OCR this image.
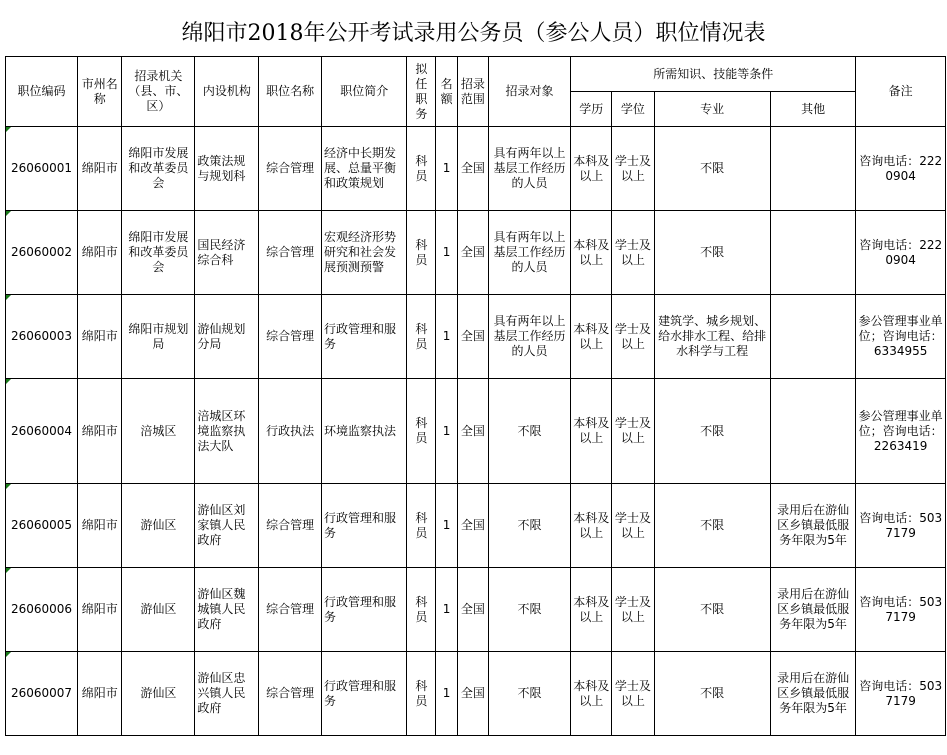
绵阳市2018年公开考试录用公务员（参公人员）职位情况表
职位编码	市州名称	招录机关（县、市、区）	内设机构	职位名称	职位简介	拟任职务	名额	招录范围	招录对象	所需知识、技能等条件				备注
										学历	学位	专业	其他	

26060001	绵阳市	绵阳市发展和改革委员会	政策法规与规划科	综合管理	经济中长期发展、总量平衡和政策规划	科员	1	全国	具有两年以上基层工作经历的人员	本科及以上	学士及以上	不限		咨询电话：2220904

26060002	绵阳市	绵阳市发展和改革委员会	国民经济综合科	综合管理	宏观经济形势研究和社会发展预测预警	科员	1	全国	具有两年以上基层工作经历的人员	本科及以上	学士及以上	不限		咨询电话：2220904

26060003	绵阳市	绵阳市规划局	游仙规划分局	综合管理	行政管理和服务	科员	1	全国	具有两年以上基层工作经历的人员	本科及以上	学士及以上	建筑学、城乡规划、给水排水工程、给排水科学与工程		参公管理事业单位；咨询电话：6334955

26060004	绵阳市	涪城区	涪城区环境监察执法大队	行政执法	环境监察执法	科员	1	全国	不限	本科及以上	学士及以上	不限		参公管理事业单位；咨询电话：2263419

26060005	绵阳市	游仙区	游仙区刘家镇人民政府	综合管理	行政管理和服务	科员	1	全国	不限	本科及以上	学士及以上	不限	录用后在游仙区乡镇最低服务年限为5年	咨询电话：5037179

26060006	绵阳市	游仙区	游仙区魏城镇人民政府	综合管理	行政管理和服务	科员	1	全国	不限	本科及以上	学士及以上	不限	录用后在游仙区乡镇最低服务年限为5年	咨询电话：5037179

26060007	绵阳市	游仙区	游仙区忠兴镇人民政府	综合管理	行政管理和服务	科员	1	全国	不限	本科及以上	学士及以上	不限	录用后在游仙区乡镇最低服务年限为5年	咨询电话：5037179
